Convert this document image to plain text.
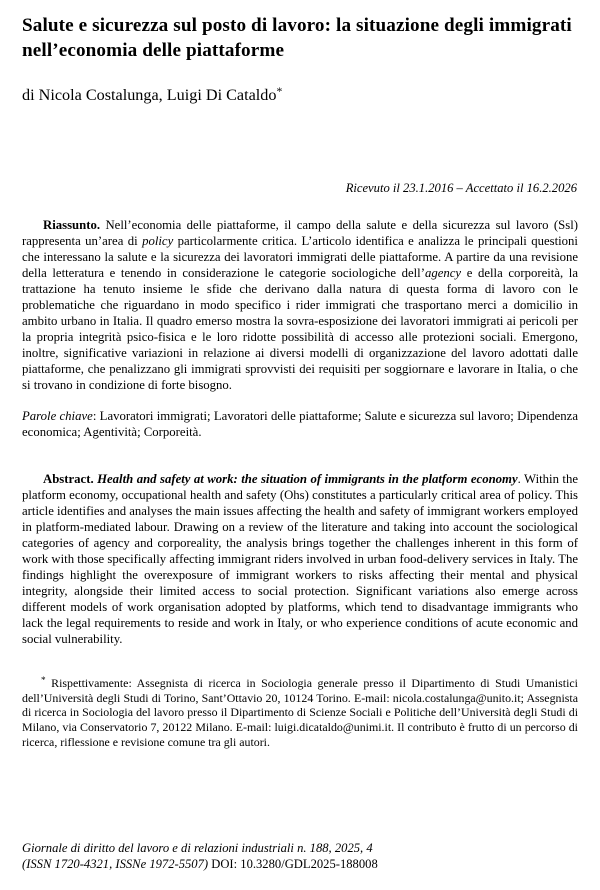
Salute e sicurezza sul posto di lavoro: la situazione degli immigrati nell’economia delle piattaforme

di Nicola Costalunga, Luigi Di Cataldo*

Ricevuto il 23.1.2016 – Accettato il 16.2.2026

Riassunto. Nell’economia delle piattaforme, il campo della salute e della sicurezza sul lavoro (Ssl) rappresenta un’area di policy particolarmente critica. L’articolo identifica e analizza le principali questioni che interessano la salute e la sicurezza dei lavoratori immigrati delle piattaforme. A partire da una revisione della letteratura e tenendo in considerazione le categorie sociologiche dell’agency e della corporeità, la trattazione ha tenuto insieme le sfide che derivano dalla natura di questa forma di lavoro con le problematiche che riguardano in modo specifico i rider immigrati che trasportano merci a domicilio in ambito urbano in Italia. Il quadro emerso mostra la sovra-esposizione dei lavoratori immigrati ai pericoli per la propria integrità psico-fisica e le loro ridotte possibilità di accesso alle protezioni sociali. Emergono, inoltre, significative variazioni in relazione ai diversi modelli di organizzazione del lavoro adottati dalle piattaforme, che penalizzano gli immigrati sprovvisti dei requisiti per soggiornare e lavorare in Italia, o che si trovano in condizione di forte bisogno.

Parole chiave: Lavoratori immigrati; Lavoratori delle piattaforme; Salute e sicurezza sul lavoro; Dipendenza economica; Agentività; Corporeità.

Abstract. Health and safety at work: the situation of immigrants in the platform economy. Within the platform economy, occupational health and safety (Ohs) constitutes a particularly critical area of policy. This article identifies and analyses the main issues affecting the health and safety of immigrant workers employed in platform-mediated labour. Drawing on a review of the literature and taking into account the sociological categories of agency and corporeality, the analysis brings together the challenges inherent in this form of work with those specifically affecting immigrant riders involved in urban food-delivery services in Italy. The findings highlight the overexposure of immigrant workers to risks affecting their mental and physical integrity, alongside their limited access to social protection. Significant variations also emerge across different models of work organisation adopted by platforms, which tend to disadvantage immigrants who lack the legal requirements to reside and work in Italy, or who experience conditions of acute economic and social vulnerability.

* Rispettivamente: Assegnista di ricerca in Sociologia generale presso il Dipartimento di Studi Umanistici dell’Università degli Studi di Torino, Sant’Ottavio 20, 10124 Torino. E-mail: nicola.costalunga@unito.it; Assegnista di ricerca in Sociologia del lavoro presso il Dipartimento di Scienze Sociali e Politiche dell’Università degli Studi di Milano, via Conservatorio 7, 20122 Milano. E-mail: luigi.dicataldo@unimi.it. Il contributo è frutto di un percorso di ricerca, riflessione e revisione comune tra gli autori.

Giornale di diritto del lavoro e di relazioni industriali n. 188, 2025, 4
(ISSN 1720-4321, ISSNe 1972-5507) DOI: 10.3280/GDL2025-188008
